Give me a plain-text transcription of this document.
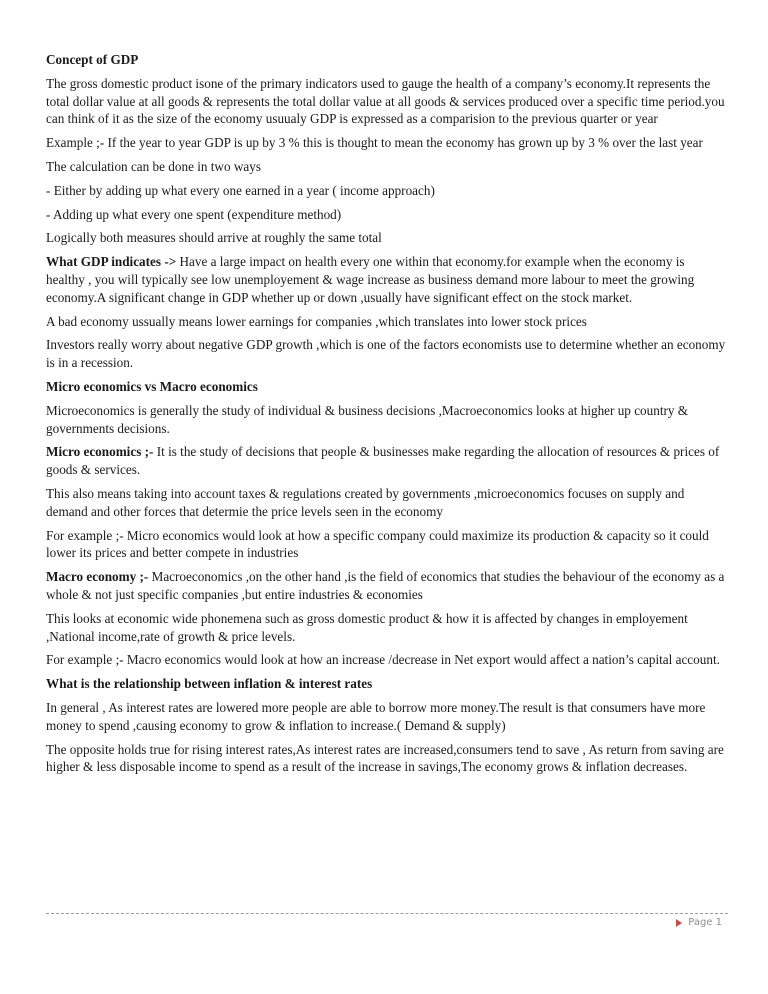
Concept of GDP

The gross domestic product isone of the primary indicators used to gauge the health of a company’s economy.It represents the total dollar value at all goods & represents the total dollar value at all goods & services produced over a specific time period.you can think of it as the size of the economy usuualy GDP is expressed as a comparision to the previous quarter or year

Example ;- If the year to year GDP is up by 3 % this is thought to mean the economy has grown up by 3 % over the last year

The calculation can be done in two ways

- Either by adding up what every one earned in a year ( income approach)

- Adding up what every one spent (expenditure method)

Logically both measures should arrive at roughly the same total

What GDP indicates -> Have a large impact on health every one within that economy.for example when the economy is healthy , you will typically see low unemployement & wage increase as business demand more labour to meet the growing economy.A significant change in GDP whether up or down ,usually have significant effect on the stock market.

A bad economy ussually means lower earnings for companies ,which translates into lower stock prices

Investors really worry about negative GDP growth ,which is one of the factors economists use to determine whether an economy is in a recession.

Micro economics vs Macro economics

Microeconomics is generally the study of individual & business decisions ,Macroeconomics looks at higher up country & governments decisions.

Micro economics ;- It is the study of decisions that people & businesses make regarding the allocation of resources & prices of goods & services.

This also means taking into account taxes & regulations created by governments ,microeconomics focuses on supply and demand and other forces that determie the price levels seen in the economy

For example ;- Micro economics would look at how a specific company could maximize its production & capacity so it could lower its prices and better compete in industries

Macro economy ;- Macroeconomics ,on the other hand ,is the field of economics that studies the behaviour of the economy as a whole & not just specific companies ,but entire industries & economies

This looks at economic wide phonemena such as gross domestic product & how it is affected by changes in employement ,National income,rate of growth & price levels.

For example ;- Macro economics would look at how an increase /decrease in Net export would affect a nation’s capital account.

What is the relationship between inflation & interest rates

In general , As interest rates are lowered more people are able to borrow more money.The result is that consumers have more money to spend ,causing economy to grow & inflation to increase.( Demand & supply)

The opposite holds true for rising interest rates,As interest rates are increased,consumers tend to save , As return from saving are higher & less disposable income to spend as a result of the increase in savings,The economy grows & inflation decreases.

Page 1
